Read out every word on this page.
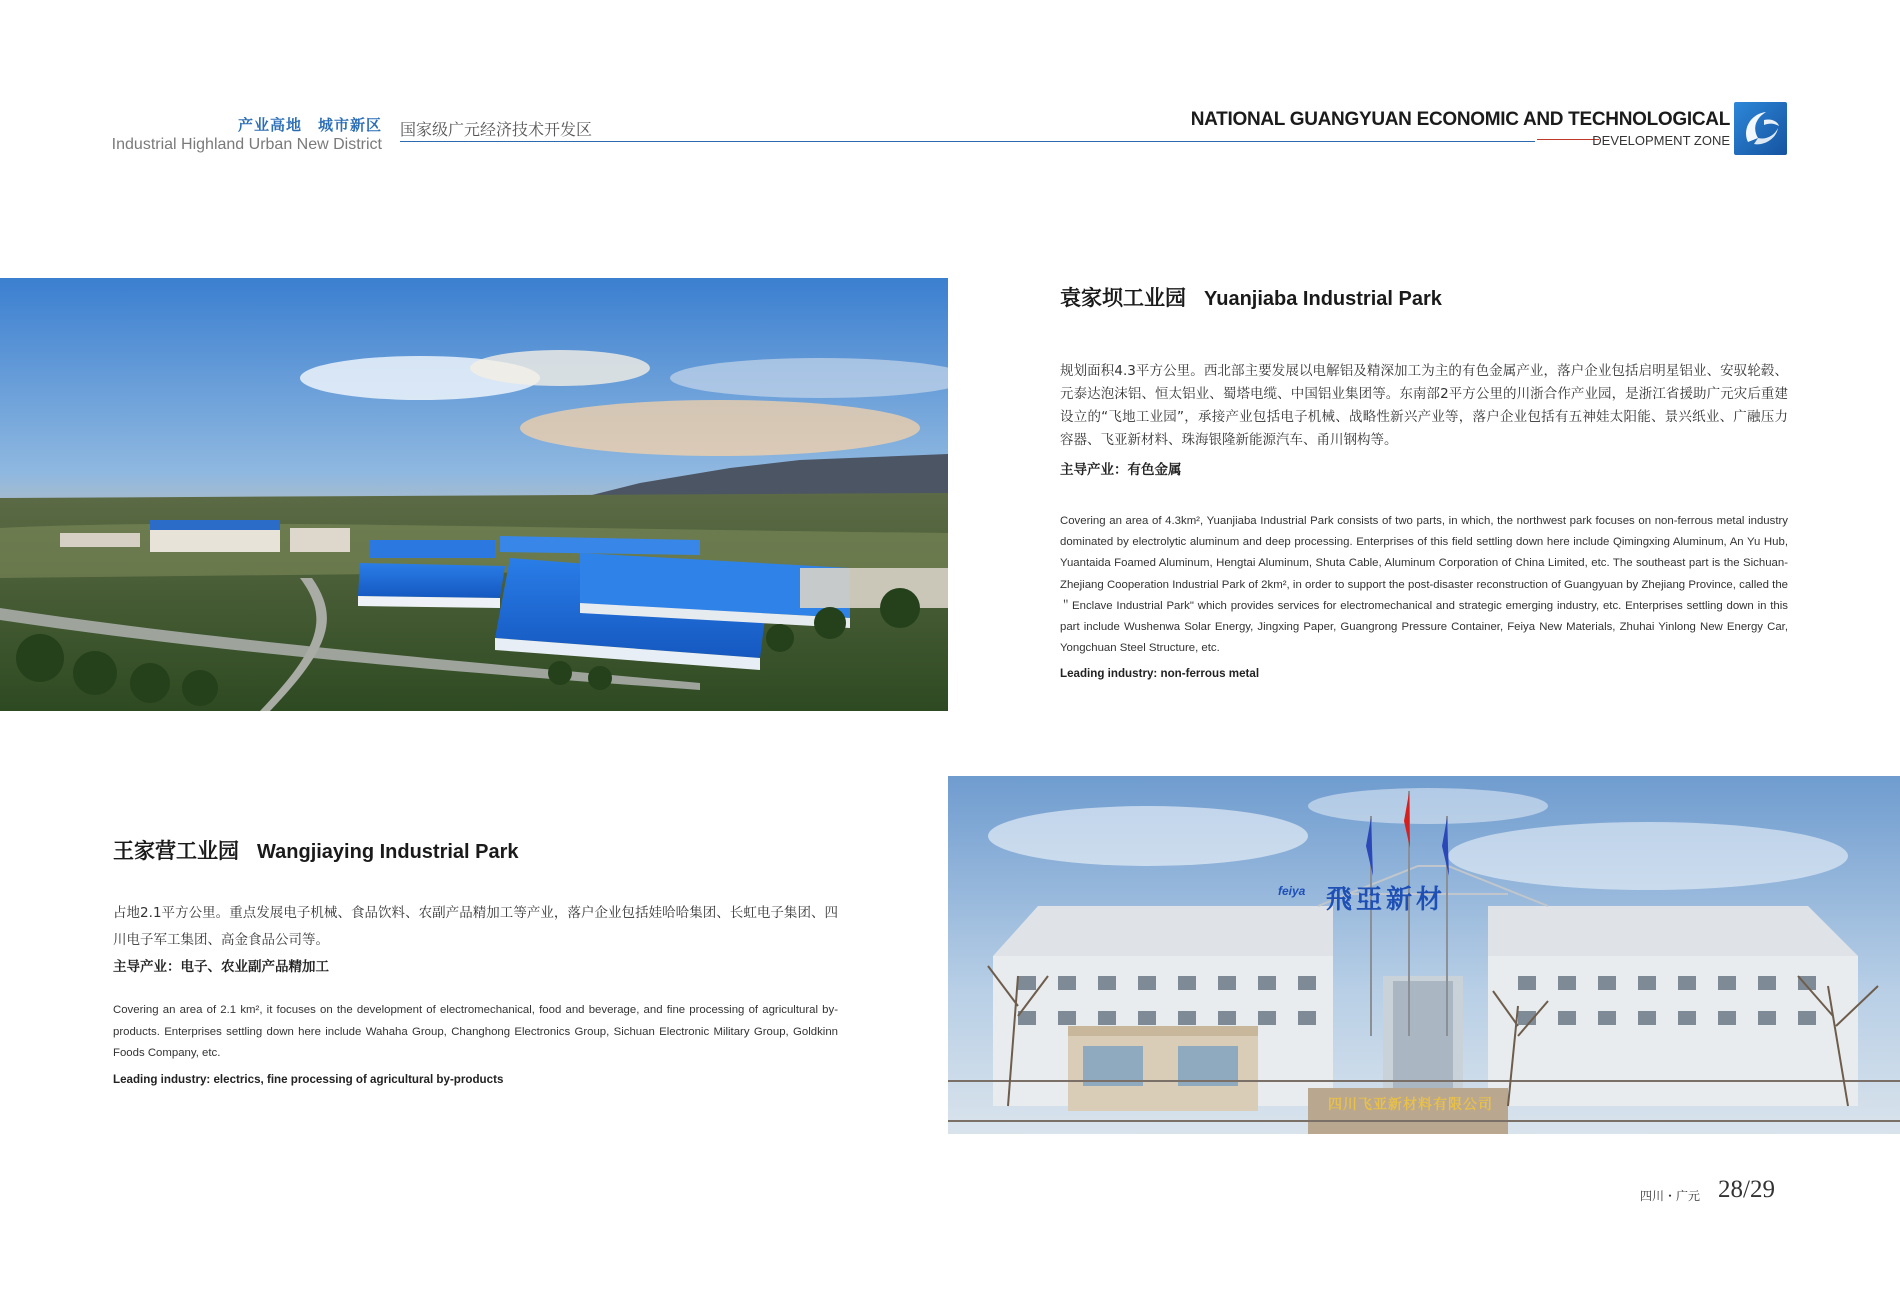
产业高地　城市新区
Industrial Highland Urban New District
国家级广元经济技术开发区	NATIONAL GUANGYUAN ECONOMIC AND TECHNOLOGICAL
DEVELOPMENT ZONE
袁家坝工业园 Yuanjiaba Industrial Park
规划面积4.3平方公里。西北部主要发展以电解铝及精深加工为主的有色金属产业，落户企业包括启明星铝业、安驭轮毂、元泰达泡沫铝、恒太铝业、蜀塔电缆、中国铝业集团等。东南部2平方公里的川浙合作产业园，是浙江省援助广元灾后重建设立的“飞地工业园”，承接产业包括电子机械、战略性新兴产业等，落户企业包括有五神娃太阳能、景兴纸业、广融压力容器、飞亚新材料、珠海银隆新能源汽车、甬川钢构等。
主导产业：有色金属
Covering an area of 4.3km², Yuanjiaba Industrial Park consists of two parts, in which, the northwest park focuses on non-ferrous metal industry dominated by electrolytic aluminum and deep processing. Enterprises of this field settling down here include Qimingxing Aluminum, An Yu Hub, Yuantaida Foamed Aluminum, Hengtai Aluminum, Shuta Cable, Aluminum Corporation of China Limited, etc. The southeast part is the Sichuan-Zhejiang Cooperation Industrial Park of 2km², in order to support the post-disaster reconstruction of Guangyuan by Zhejiang Province, called the ＂Enclave Industrial Park" which provides services for electromechanical and strategic emerging industry, etc. Enterprises settling down in this part include Wushenwa Solar Energy, Jingxing Paper, Guangrong Pressure Container, Feiya New Materials, Zhuhai Yinlong New Energy Car, Yongchuan Steel Structure, etc.
Leading industry: non-ferrous metal
王家营工业园 Wangjiaying Industrial Park
占地2.1平方公里。重点发展电子机械、食品饮料、农副产品精加工等产业，落户企业包括娃哈哈集团、长虹电子集团、四川电子军工集团、高金食品公司等。
主导产业：电子、农业副产品精加工
Covering an area of 2.1 km², it focuses on the development of electromechanical, food and beverage, and fine processing of agricultural by-products. Enterprises settling down here include Wahaha Group, Changhong Electronics Group, Sichuan Electronic Military Group, Goldkinn Foods Company, etc.
Leading industry: electrics, fine processing of agricultural by-products
飛亞新材
feiya
四川飞亚新材料有限公司
四川・广元 28/29
